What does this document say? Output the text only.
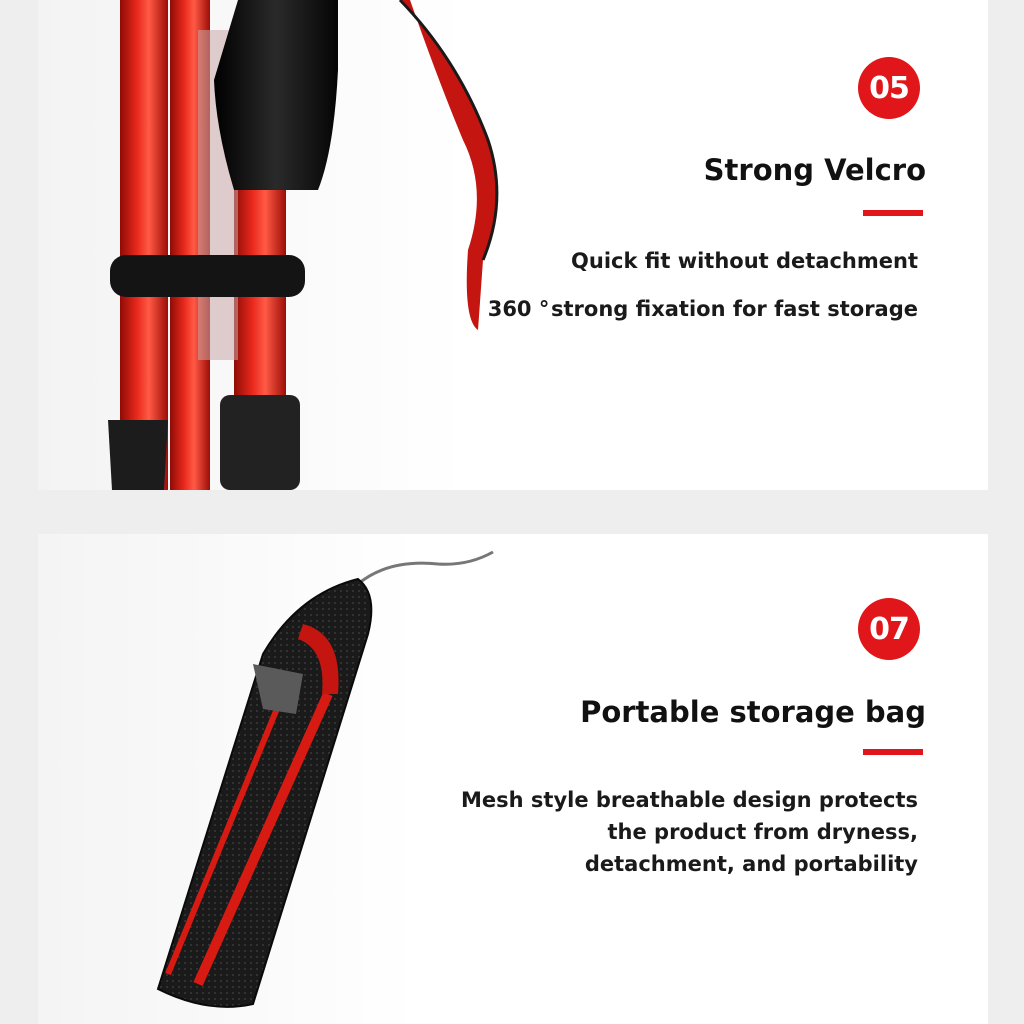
05
Strong Velcro
Quick fit without detachment
360 ° strong fixation for fast storage
07
Portable storage bag
Mesh style breathable design protects
the product from dryness,
detachment, and portability
